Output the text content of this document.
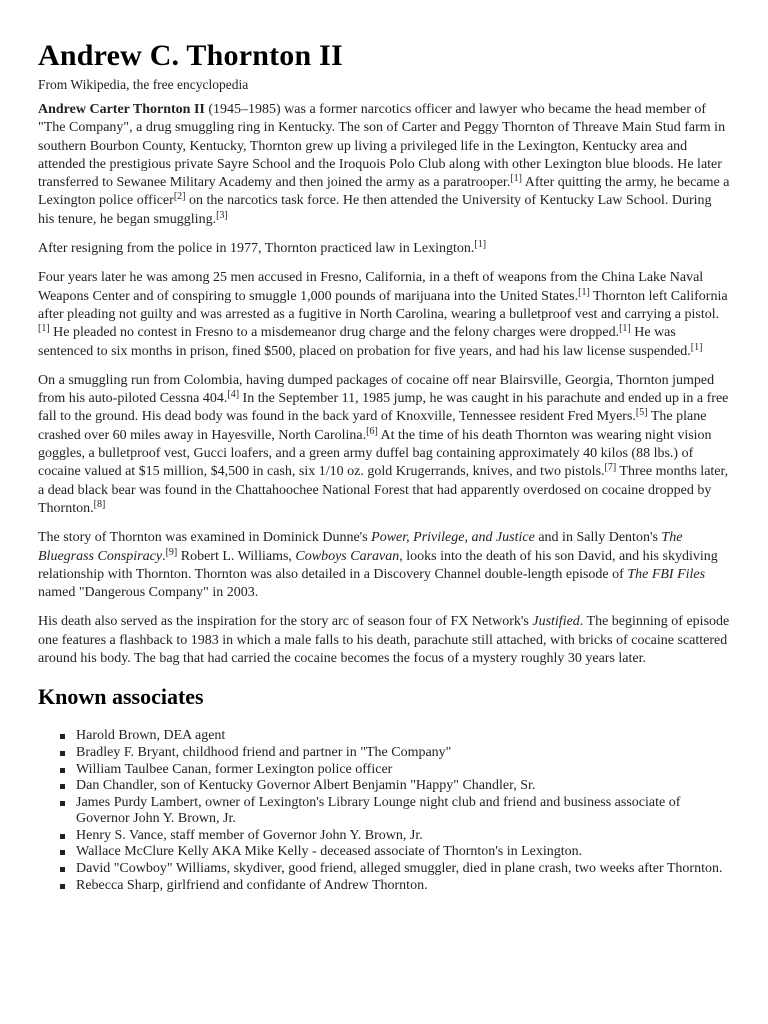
Andrew C. Thornton II
From Wikipedia, the free encyclopedia

Andrew Carter Thornton II (1945–1985) was a former narcotics officer and lawyer who became the head member of "The Company", a drug smuggling ring in Kentucky. The son of Carter and Peggy Thornton of Threave Main Stud farm in southern Bourbon County, Kentucky, Thornton grew up living a privileged life in the Lexington, Kentucky area and attended the prestigious private Sayre School and the Iroquois Polo Club along with other Lexington blue bloods. He later transferred to Sewanee Military Academy and then joined the army as a paratrooper.[1] After quitting the army, he became a Lexington police officer[2] on the narcotics task force. He then attended the University of Kentucky Law School. During his tenure, he began smuggling.[3]

After resigning from the police in 1977, Thornton practiced law in Lexington.[1]

Four years later he was among 25 men accused in Fresno, California, in a theft of weapons from the China Lake Naval Weapons Center and of conspiring to smuggle 1,000 pounds of marijuana into the United States.[1] Thornton left California after pleading not guilty and was arrested as a fugitive in North Carolina, wearing a bulletproof vest and carrying a pistol.[1] He pleaded no contest in Fresno to a misdemeanor drug charge and the felony charges were dropped.[1] He was sentenced to six months in prison, fined $500, placed on probation for five years, and had his law license suspended.[1]

On a smuggling run from Colombia, having dumped packages of cocaine off near Blairsville, Georgia, Thornton jumped from his auto-piloted Cessna 404.[4] In the September 11, 1985 jump, he was caught in his parachute and ended up in a free fall to the ground. His dead body was found in the back yard of Knoxville, Tennessee resident Fred Myers.[5] The plane crashed over 60 miles away in Hayesville, North Carolina.[6] At the time of his death Thornton was wearing night vision goggles, a bulletproof vest, Gucci loafers, and a green army duffel bag containing approximately 40 kilos (88 lbs.) of cocaine valued at $15 million, $4,500 in cash, six 1/10 oz. gold Krugerrands, knives, and two pistols.[7] Three months later, a dead black bear was found in the Chattahoochee National Forest that had apparently overdosed on cocaine dropped by Thornton.[8]

The story of Thornton was examined in Dominick Dunne's Power, Privilege, and Justice and in Sally Denton's The Bluegrass Conspiracy.[9] Robert L. Williams, Cowboys Caravan, looks into the death of his son David, and his skydiving relationship with Thornton. Thornton was also detailed in a Discovery Channel double-length episode of The FBI Files named "Dangerous Company" in 2003.

His death also served as the inspiration for the story arc of season four of FX Network's Justified. The beginning of episode one features a flashback to 1983 in which a male falls to his death, parachute still attached, with bricks of cocaine scattered around his body. The bag that had carried the cocaine becomes the focus of a mystery roughly 30 years later.

Known associates
Harold Brown, DEA agent
Bradley F. Bryant, childhood friend and partner in "The Company"
William Taulbee Canan, former Lexington police officer
Dan Chandler, son of Kentucky Governor Albert Benjamin "Happy" Chandler, Sr.
James Purdy Lambert, owner of Lexington's Library Lounge night club and friend and business associate of Governor John Y. Brown, Jr.
Henry S. Vance, staff member of Governor John Y. Brown, Jr.
Wallace McClure Kelly AKA Mike Kelly - deceased associate of Thornton's in Lexington.
David "Cowboy" Williams, skydiver, good friend, alleged smuggler, died in plane crash, two weeks after Thornton.
Rebecca Sharp, girlfriend and confidante of Andrew Thornton.
